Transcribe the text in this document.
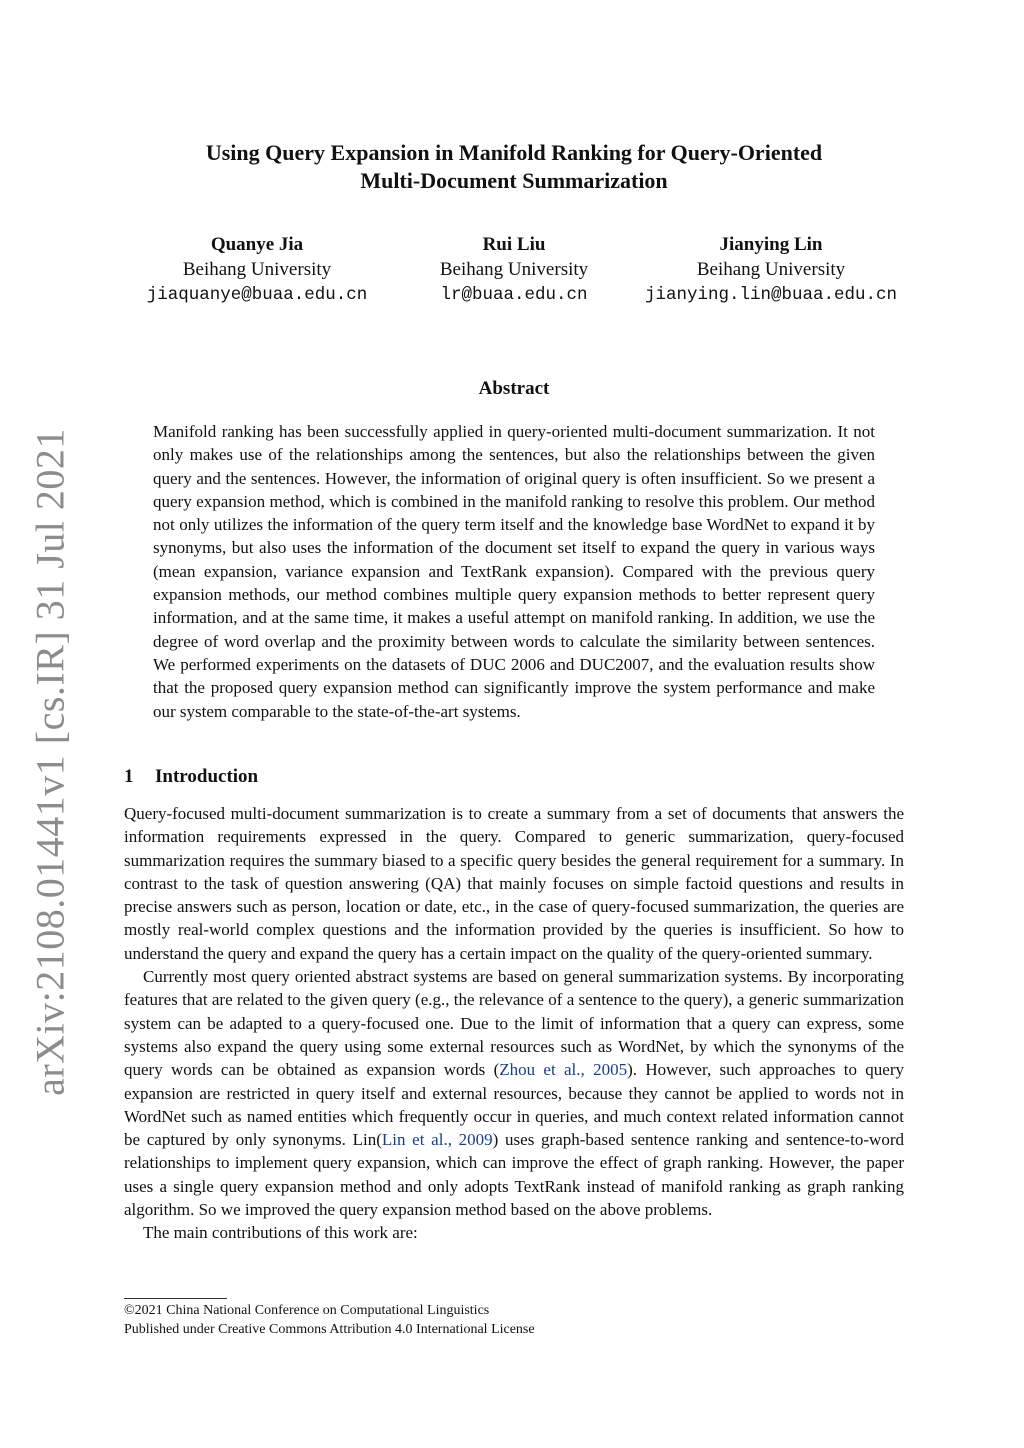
arXiv:2108.01441v1 [cs.IR] 31 Jul 2021
Using Query Expansion in Manifold Ranking for Query-Oriented
Multi-Document Summarization
Quanye Jia
Beihang University
jiaquanye@buaa.edu.cn
Rui Liu
Beihang University
lr@buaa.edu.cn
Jianying Lin
Beihang University
jianying.lin@buaa.edu.cn
Abstract

Manifold ranking has been successfully applied in query-oriented multi-document summarization. It not only makes use of the relationships among the sentences, but also the relationships between the given query and the sentences. However, the information of original query is often insufficient. So we present a query expansion method, which is combined in the manifold ranking to resolve this problem. Our method not only utilizes the information of the query term itself and the knowledge base WordNet to expand it by synonyms, but also uses the information of the document set itself to expand the query in various ways (mean expansion, variance expansion and TextRank expansion). Compared with the previous query expansion methods, our method combines multiple query expansion methods to better represent query information, and at the same time, it makes a useful attempt on manifold ranking. In addition, we use the degree of word overlap and the proximity between words to calculate the similarity between sentences. We performed experiments on the datasets of DUC 2006 and DUC2007, and the evaluation results show that the proposed query expansion method can significantly improve the system performance and make our system comparable to the state-of-the-art systems.

1 Introduction

Query-focused multi-document summarization is to create a summary from a set of documents that answers the information requirements expressed in the query. Compared to generic summarization, query-focused summarization requires the summary biased to a specific query besides the general requirement for a summary. In contrast to the task of question answering (QA) that mainly focuses on simple factoid questions and results in precise answers such as person, location or date, etc., in the case of query-focused summarization, the queries are mostly real-world complex questions and the information provided by the queries is insufficient. So how to understand the query and expand the query has a certain impact on the quality of the query-oriented summary.

Currently most query oriented abstract systems are based on general summarization systems. By incorporating features that are related to the given query (e.g., the relevance of a sentence to the query), a generic summarization system can be adapted to a query-focused one. Due to the limit of information that a query can express, some systems also expand the query using some external resources such as WordNet, by which the synonyms of the query words can be obtained as expansion words (Zhou et al., 2005). However, such approaches to query expansion are restricted in query itself and external resources, because they cannot be applied to words not in WordNet such as named entities which frequently occur in queries, and much context related information cannot be captured by only synonyms. Lin(Lin et al., 2009) uses graph-based sentence ranking and sentence-to-word relationships to implement query expansion, which can improve the effect of graph ranking. However, the paper uses a single query expansion method and only adopts TextRank instead of manifold ranking as graph ranking algorithm. So we improved the query expansion method based on the above problems.

The main contributions of this work are:

©2021 China National Conference on Computational Linguistics
Published under Creative Commons Attribution 4.0 International License
